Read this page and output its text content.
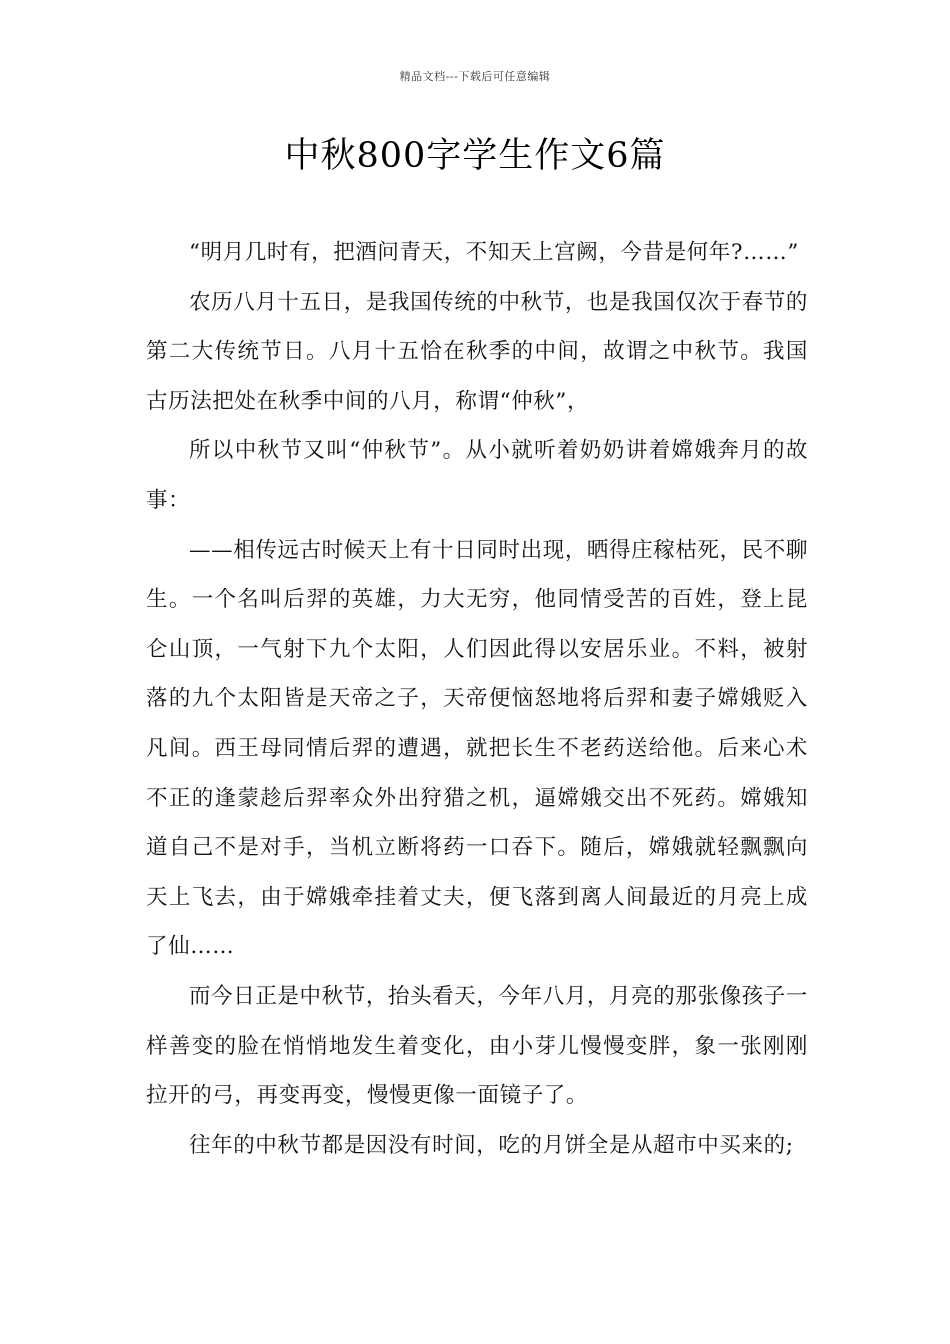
精品文档---下载后可任意编辑
中秋800字学生作文6篇

“明月几时有，把酒问青天，不知天上宫阙，今昔是何年?……”

农历八月十五日，是我国传统的中秋节，也是我国仅次于春节的第二大传统节日。八月十五恰在秋季的中间，故谓之中秋节。我国古历法把处在秋季中间的八月，称谓“仲秋”，

所以中秋节又叫“仲秋节”。从小就听着奶奶讲着嫦娥奔月的故事：

——相传远古时候天上有十日同时出现，晒得庄稼枯死，民不聊生。一个名叫后羿的英雄，力大无穷，他同情受苦的百姓，登上昆仑山顶，一气射下九个太阳，人们因此得以安居乐业。不料，被射落的九个太阳皆是天帝之子，天帝便恼怒地将后羿和妻子嫦娥贬入凡间。西王母同情后羿的遭遇，就把长生不老药送给他。后来心术不正的逢蒙趁后羿率众外出狩猎之机，逼嫦娥交出不死药。嫦娥知道自己不是对手，当机立断将药一口吞下。随后，嫦娥就轻飘飘向天上飞去，由于嫦娥牵挂着丈夫，便飞落到离人间最近的月亮上成了仙……

而今日正是中秋节，抬头看天，今年八月，月亮的那张像孩子一样善变的脸在悄悄地发生着变化，由小芽儿慢慢变胖，象一张刚刚拉开的弓，再变再变，慢慢更像一面镜子了。

往年的中秋节都是因没有时间，吃的月饼全是从超市中买来的;
